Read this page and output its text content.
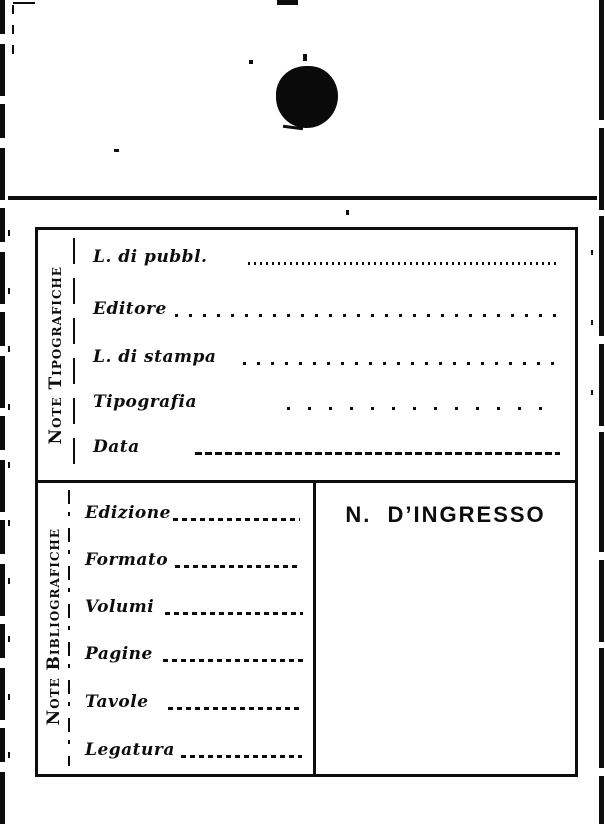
Note Tipografiche
L. di pubbl.
Editore
L. di stampa
Tipografia
Data
Note Bibliografiche
Edizione
Formato
Volumi
Pagine
Tavole
Legatura
N.  D’INGRESSO
